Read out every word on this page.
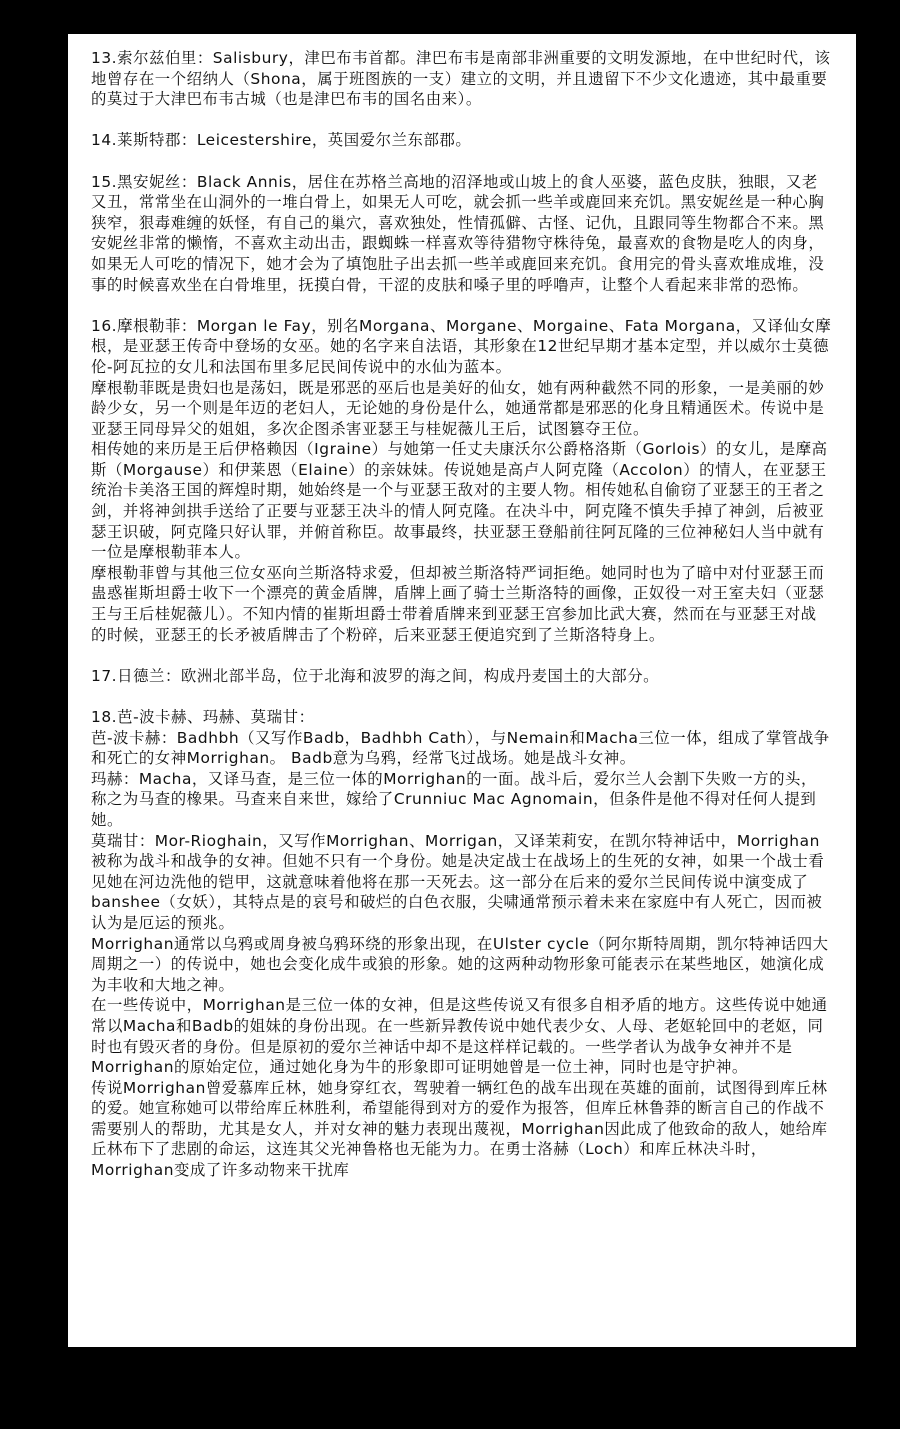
13.索尔兹伯里：Salisbury，津巴布韦首都。津巴布韦是南部非洲重要的文明发源地，在中世纪时代，该地曾存在一个绍纳人（Shona，属于班图族的一支）建立的文明，并且遗留下不少文化遗迹，其中最重要的莫过于大津巴布韦古城（也是津巴布韦的国名由来）。

14.莱斯特郡：Leicestershire，英国爱尔兰东部郡。

15.黑安妮丝：Black Annis，居住在苏格兰高地的沼泽地或山坡上的食人巫婆，蓝色皮肤，独眼，又老又丑，常常坐在山洞外的一堆白骨上，如果无人可吃，就会抓一些羊或鹿回来充饥。黑安妮丝是一种心胸狭窄，狠毒难缠的妖怪，有自己的巢穴，喜欢独处，性情孤僻、古怪、记仇，且跟同等生物都合不来。黑安妮丝非常的懒惰，不喜欢主动出击，跟蜘蛛一样喜欢等待猎物守株待兔，最喜欢的食物是吃人的肉身，如果无人可吃的情况下，她才会为了填饱肚子出去抓一些羊或鹿回来充饥。食用完的骨头喜欢堆成堆，没事的时候喜欢坐在白骨堆里，抚摸白骨，干涩的皮肤和嗓子里的呼噜声，让整个人看起来非常的恐怖。

16.摩根勒菲：Morgan le Fay，别名Morgana、Morgane、Morgaine、Fata Morgana，又译仙女摩根，是亚瑟王传奇中登场的女巫。她的名字来自法语，其形象在12世纪早期才基本定型，并以威尔士莫德伦-阿瓦拉的女儿和法国布里多尼民间传说中的水仙为蓝本。

摩根勒菲既是贵妇也是荡妇，既是邪恶的巫后也是美好的仙女，她有两种截然不同的形象，一是美丽的妙龄少女，另一个则是年迈的老妇人，无论她的身份是什么，她通常都是邪恶的化身且精通医术。传说中是亚瑟王同母异父的姐姐，多次企图杀害亚瑟王与桂妮薇儿王后，试图篡夺王位。

相传她的来历是王后伊格赖因（Igraine）与她第一任丈夫康沃尔公爵格洛斯（Gorlois）的女儿，是摩高斯（Morgause）和伊莱恩（Elaine）的亲妹妹。传说她是高卢人阿克隆（Accolon）的情人，在亚瑟王统治卡美洛王国的辉煌时期，她始终是一个与亚瑟王敌对的主要人物。相传她私自偷窃了亚瑟王的王者之剑，并将神剑拱手送给了正要与亚瑟王决斗的情人阿克隆。在决斗中，阿克隆不慎失手掉了神剑，后被亚瑟王识破，阿克隆只好认罪，并俯首称臣。故事最终，扶亚瑟王登船前往阿瓦隆的三位神秘妇人当中就有一位是摩根勒菲本人。

摩根勒菲曾与其他三位女巫向兰斯洛特求爱，但却被兰斯洛特严词拒绝。她同时也为了暗中对付亚瑟王而蛊惑崔斯坦爵士收下一个漂亮的黄金盾牌，盾牌上画了骑士兰斯洛特的画像，正奴役一对王室夫妇（亚瑟王与王后桂妮薇儿）。不知内情的崔斯坦爵士带着盾牌来到亚瑟王宫参加比武大赛，然而在与亚瑟王对战的时候，亚瑟王的长矛被盾牌击了个粉碎，后来亚瑟王便追究到了兰斯洛特身上。

17.日德兰：欧洲北部半岛，位于北海和波罗的海之间，构成丹麦国土的大部分。

18.芭-波卡赫、玛赫、莫瑞甘：

芭-波卡赫：Badhbh（又写作Badb，Badhbh Cath），与Nemain和Macha三位一体，组成了掌管战争和死亡的女神Morrighan。 Badb意为乌鸦，经常飞过战场。她是战斗女神。

玛赫：Macha，又译马查，是三位一体的Morrighan的一面。战斗后，爱尔兰人会割下失败一方的头，称之为马查的橡果。马查来自来世，嫁给了Crunniuc Mac Agnomain，但条件是他不得对任何人提到她。

莫瑞甘：Mor-Rioghain，又写作Morrighan、Morrigan，又译茉莉安，在凯尔特神话中，Morrighan被称为战斗和战争的女神。但她不只有一个身份。她是决定战士在战场上的生死的女神，如果一个战士看见她在河边洗他的铠甲，这就意味着他将在那一天死去。这一部分在后来的爱尔兰民间传说中演变成了banshee（女妖），其特点是的哀号和破烂的白色衣服，尖啸通常预示着未来在家庭中有人死亡，因而被认为是厄运的预兆。

Morrighan通常以乌鸦或周身被乌鸦环绕的形象出现，在Ulster cycle（阿尔斯特周期，凯尔特神话四大周期之一）的传说中，她也会变化成牛或狼的形象。她的这两种动物形象可能表示在某些地区，她演化成为丰收和大地之神。

在一些传说中，Morrighan是三位一体的女神，但是这些传说又有很多自相矛盾的地方。这些传说中她通常以Macha和Badb的姐妹的身份出现。在一些新异教传说中她代表少女、人母、老妪轮回中的老妪，同时也有毁灭者的身份。但是原初的爱尔兰神话中却不是这样样记载的。一些学者认为战争女神并不是Morrighan的原始定位，通过她化身为牛的形象即可证明她曾是一位土神，同时也是守护神。

传说Morrighan曾爱慕库丘林，她身穿红衣，驾驶着一辆红色的战车出现在英雄的面前，试图得到库丘林的爱。她宣称她可以带给库丘林胜利，希望能得到对方的爱作为报答，但库丘林鲁莽的断言自己的作战不需要别人的帮助，尤其是女人，并对女神的魅力表现出蔑视，Morrighan因此成了他致命的敌人，她给库丘林布下了悲剧的命运，这连其父光神鲁格也无能为力。在勇士洛赫（Loch）和库丘林决斗时，Morrighan变成了许多动物来干扰库
